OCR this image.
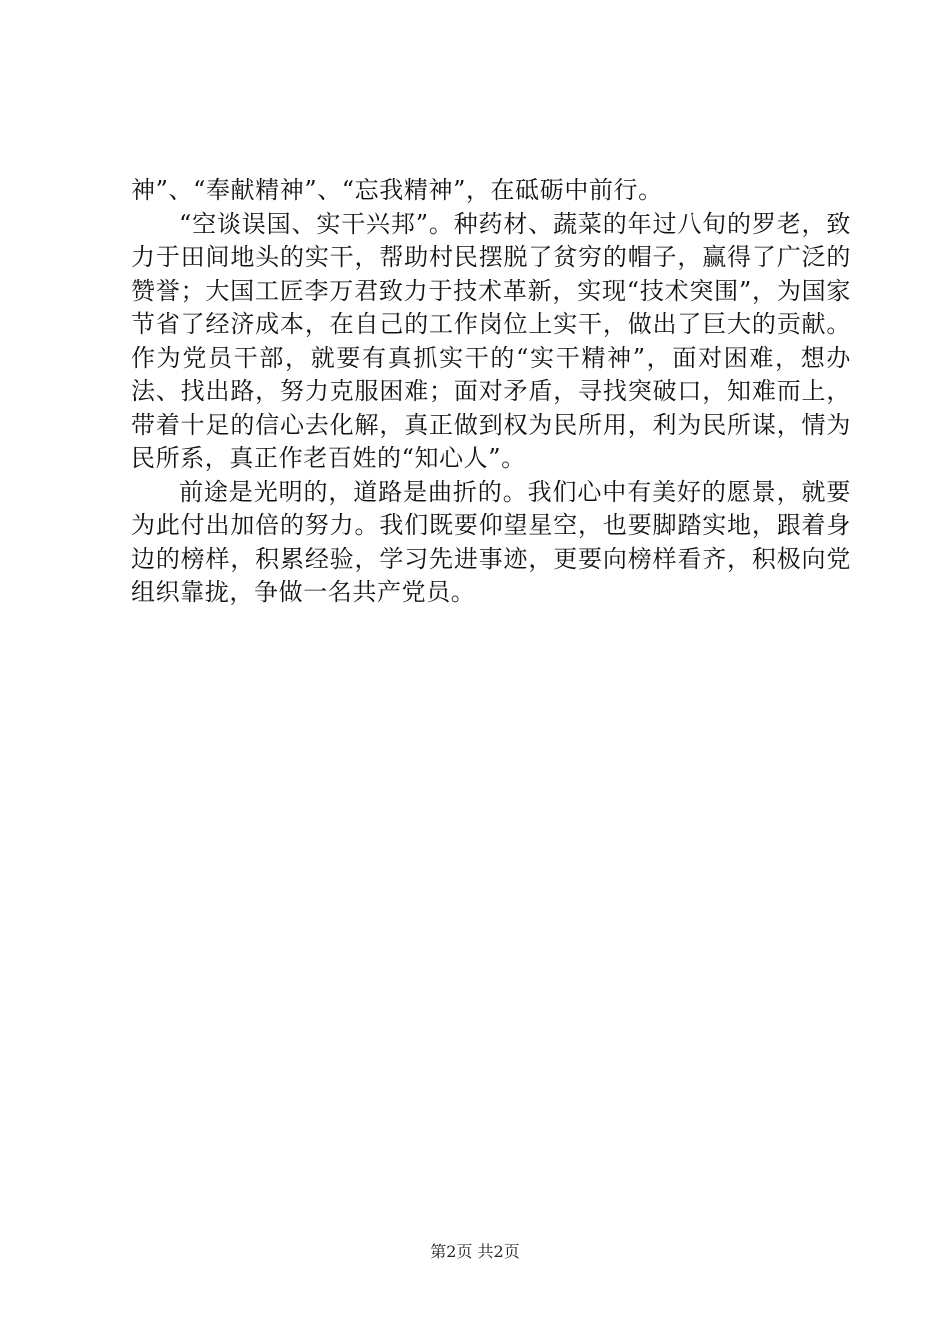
神”、“奉献精神”、“忘我精神”，在砥砺中前行。

“空谈误国、实干兴邦”。种药材、蔬菜的年过八旬的罗老，致力于田间地头的实干，帮助村民摆脱了贫穷的帽子，赢得了广泛的赞誉；大国工匠李万君致力于技术革新，实现“技术突围”，为国家节省了经济成本，在自己的工作岗位上实干，做出了巨大的贡献。作为党员干部，就要有真抓实干的“实干精神”，面对困难，想办法、找出路，努力克服困难；面对矛盾，寻找突破口，知难而上，带着十足的信心去化解，真正做到权为民所用，利为民所谋，情为民所系，真正作老百姓的“知心人”。

前途是光明的，道路是曲折的。我们心中有美好的愿景，就要为此付出加倍的努力。我们既要仰望星空，也要脚踏实地，跟着身边的榜样，积累经验，学习先进事迹，更要向榜样看齐，积极向党组织靠拢，争做一名共产党员。

第2页 共2页
